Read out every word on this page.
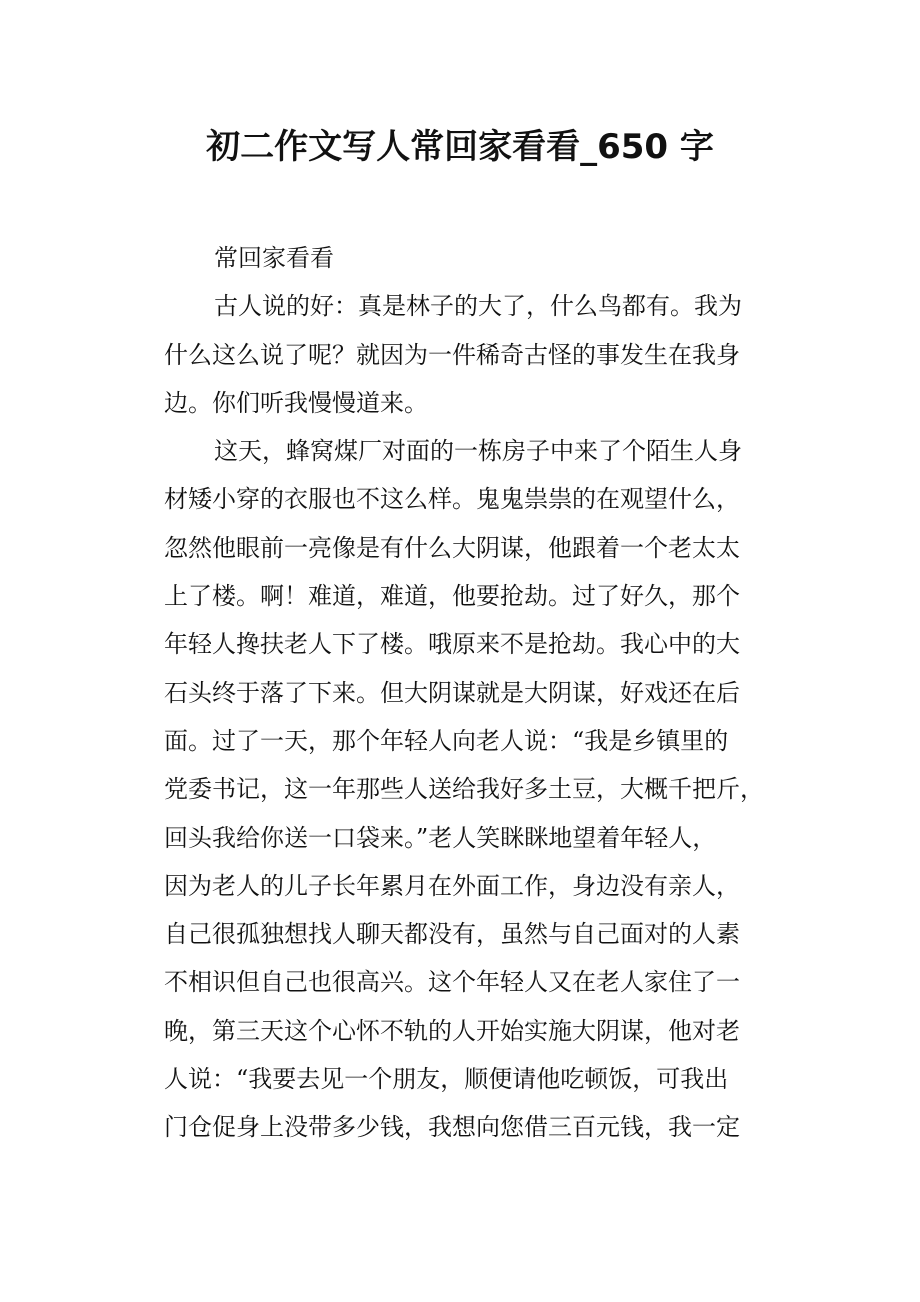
初二作文写人常回家看看_650 字
常回家看看
古人说的好：真是林子的大了，什么鸟都有。我为
什么这么说了呢？就因为一件稀奇古怪的事发生在我身
边。你们听我慢慢道来。
这天，蜂窝煤厂对面的一栋房子中来了个陌生人身
材矮小穿的衣服也不这么样。鬼鬼祟祟的在观望什么，
忽然他眼前一亮像是有什么大阴谋，他跟着一个老太太
上了楼。啊！难道，难道，他要抢劫。过了好久，那个
年轻人搀扶老人下了楼。哦原来不是抢劫。我心中的大
石头终于落了下来。但大阴谋就是大阴谋，好戏还在后
面。过了一天，那个年轻人向老人说：“我是乡镇里的
党委书记，这一年那些人送给我好多土豆，大概千把斤，
回头我给你送一口袋来。”老人笑眯眯地望着年轻人，
因为老人的儿子长年累月在外面工作，身边没有亲人，
自己很孤独想找人聊天都没有，虽然与自己面对的人素
不相识但自己也很高兴。这个年轻人又在老人家住了一
晚，第三天这个心怀不轨的人开始实施大阴谋，他对老
人说：“我要去见一个朋友，顺便请他吃顿饭，可我出
门仓促身上没带多少钱，我想向您借三百元钱，我一定
